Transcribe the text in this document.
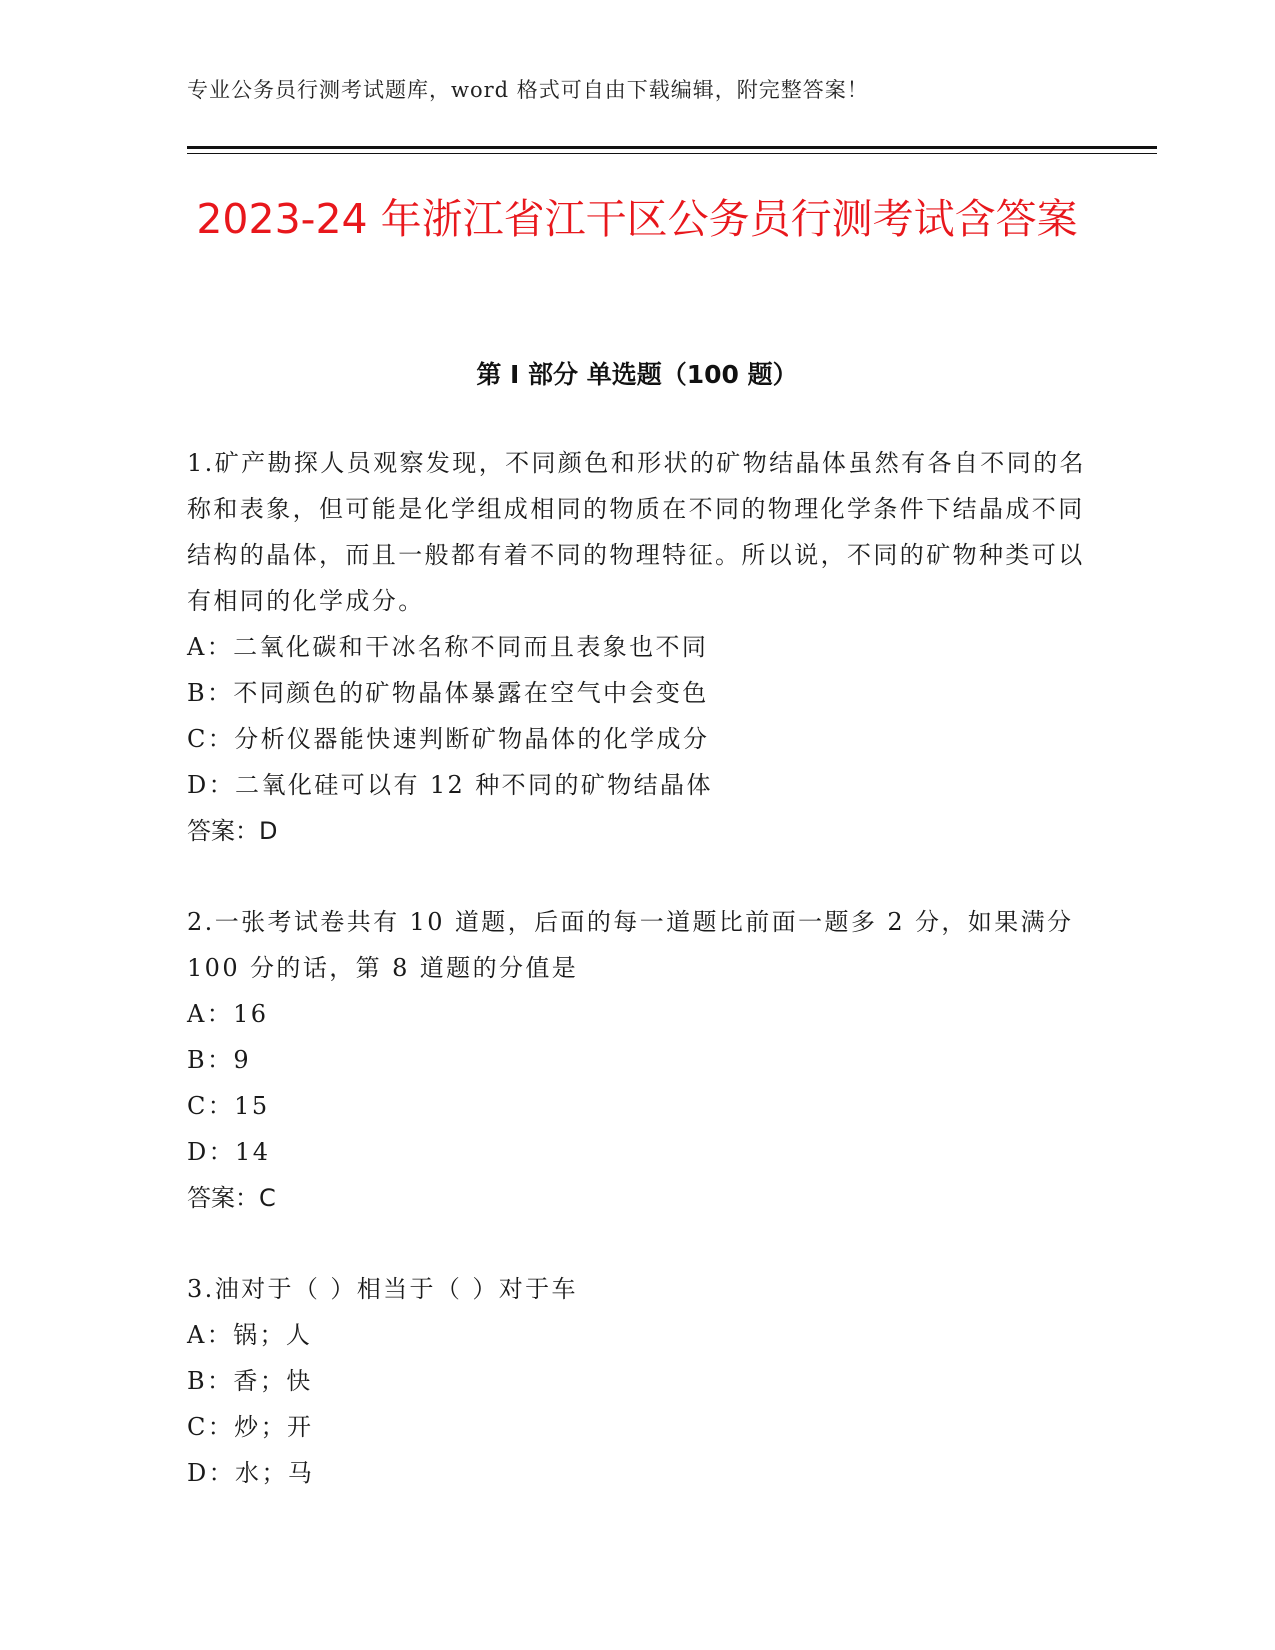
专业公务员行测考试题库，word 格式可自由下载编辑，附完整答案！
2023-24 年浙江省江干区公务员行测考试含答案
第 I 部分 单选题（100 题）

1.矿产勘探人员观察发现，不同颜色和形状的矿物结晶体虽然有各自不同的名称和表象，但可能是化学组成相同的物质在不同的物理化学条件下结晶成不同结构的晶体，而且一般都有着不同的物理特征。所以说，不同的矿物种类可以有相同的化学成分。

A：二氧化碳和干冰名称不同而且表象也不同

B：不同颜色的矿物晶体暴露在空气中会变色

C：分析仪器能快速判断矿物晶体的化学成分

D：二氧化硅可以有 12 种不同的矿物结晶体

答案：D

2.一张考试卷共有 10 道题，后面的每一道题比前面一题多 2 分，如果满分 100 分的话，第 8 道题的分值是

A：16

B：9

C：15

D：14

答案：C

3.油对于（ ）相当于（ ）对于车

A：锅；人

B：香；快

C：炒；开

D：水；马
